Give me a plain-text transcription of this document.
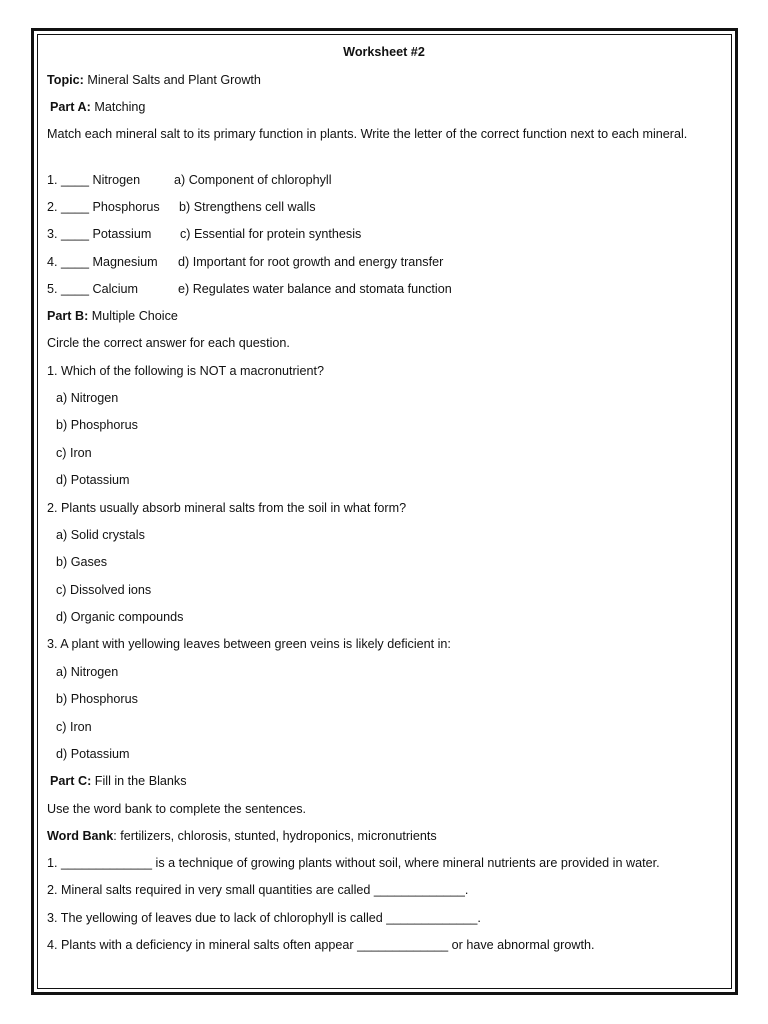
Worksheet #2
Topic: Mineral Salts and Plant Growth
Part A: Matching
Match each mineral salt to its primary function in plants. Write the letter of the correct function next to each mineral.
1. ____ Nitrogen	a) Component of chlorophyll
2. ____ Phosphorus b) Strengthens cell walls
3. ____ Potassium c) Essential for protein synthesis
4. ____ Magnesium d) Important for root growth and energy transfer
5. ____ Calcium	e) Regulates water balance and stomata function
Part B: Multiple Choice
Circle the correct answer for each question.
1. Which of the following is NOT a macronutrient?
a) Nitrogen
b) Phosphorus
c) Iron
d) Potassium
2. Plants usually absorb mineral salts from the soil in what form?
a) Solid crystals
b) Gases
c) Dissolved ions
d) Organic compounds
3. A plant with yellowing leaves between green veins is likely deficient in:
a) Nitrogen
b) Phosphorus
c) Iron
d) Potassium
Part C: Fill in the Blanks
Use the word bank to complete the sentences.
Word Bank: fertilizers, chlorosis, stunted, hydroponics, micronutrients
1. _____________ is a technique of growing plants without soil, where mineral nutrients are provided in water.
2. Mineral salts required in very small quantities are called _____________.
3. The yellowing of leaves due to lack of chlorophyll is called _____________.
4. Plants with a deficiency in mineral salts often appear _____________ or have abnormal growth.
